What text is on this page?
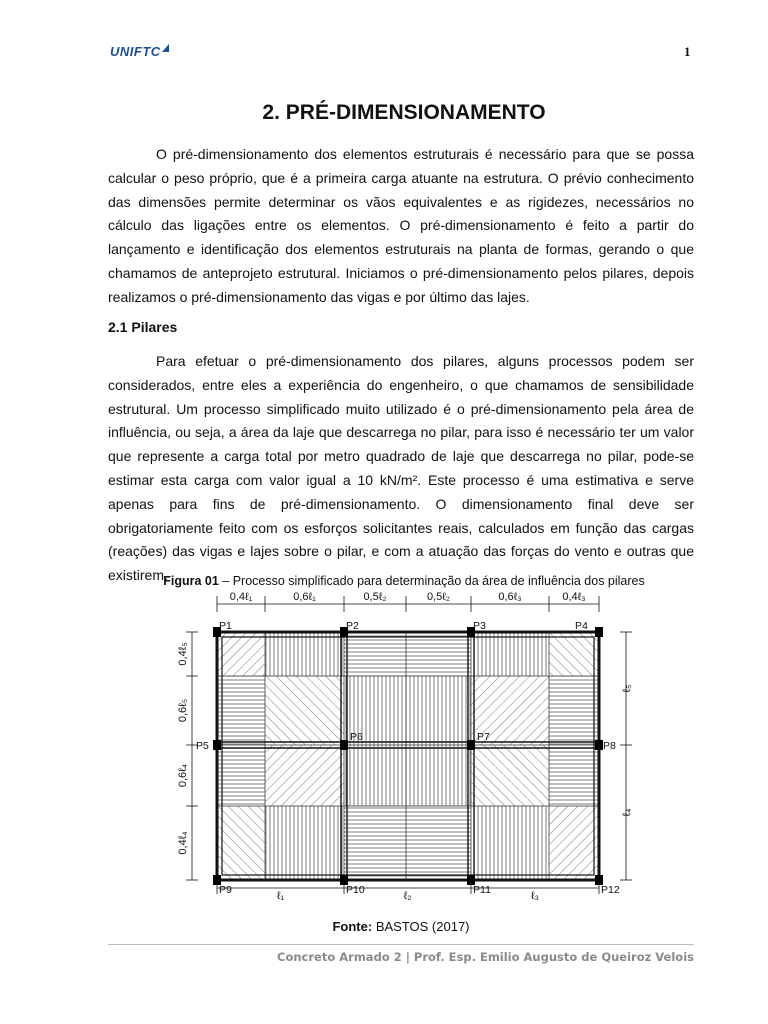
UNIFTC	1
2. PRÉ-DIMENSIONAMENTO
O pré-dimensionamento dos elementos estruturais é necessário para que se possa calcular o peso próprio, que é a primeira carga atuante na estrutura. O prévio conhecimento das dimensões permite determinar os vãos equivalentes e as rigidezes, necessários no cálculo das ligações entre os elementos. O pré-dimensionamento é feito a partir do lançamento e identificação dos elementos estruturais na planta de formas, gerando o que chamamos de anteprojeto estrutural. Iniciamos o pré-dimensionamento pelos pilares, depois realizamos o pré-dimensionamento das vigas e por último das lajes.
2.1 Pilares
Para efetuar o pré-dimensionamento dos pilares, alguns processos podem ser considerados, entre eles a experiência do engenheiro, o que chamamos de sensibilidade estrutural. Um processo simplificado muito utilizado é o pré-dimensionamento pela área de influência, ou seja, a área da laje que descarrega no pilar, para isso é necessário ter um valor que represente a carga total por metro quadrado de laje que descarrega no pilar, pode-se estimar esta carga com valor igual a 10 kN/m². Este processo é uma estimativa e serve apenas para fins de pré-dimensionamento. O dimensionamento final deve ser obrigatoriamente feito com os esforços solicitantes reais, calculados em função das cargas (reações) das vigas e lajes sobre o pilar, e com a atuação das forças do vento e outras que existirem.
Figura 01 – Processo simplificado para determinação da área de influência dos pilares
0,4ℓ₁	0,6ℓ₁	0,5ℓ₂	0,5ℓ₂	0,6ℓ₃	0,4ℓ₃
0,4ℓ₅
0,6ℓ₅
0,6ℓ₄
0,4ℓ₄
ℓ₅
ℓ₄
ℓ₁	ℓ₂	ℓ₃
P1	P2	P3	P4
P5
P6	P7
P8
P9	P10	P11	P12
Fonte: BASTOS (2017)
Concreto Armado 2 | Prof. Esp. Emilio Augusto de Queiroz Velois
